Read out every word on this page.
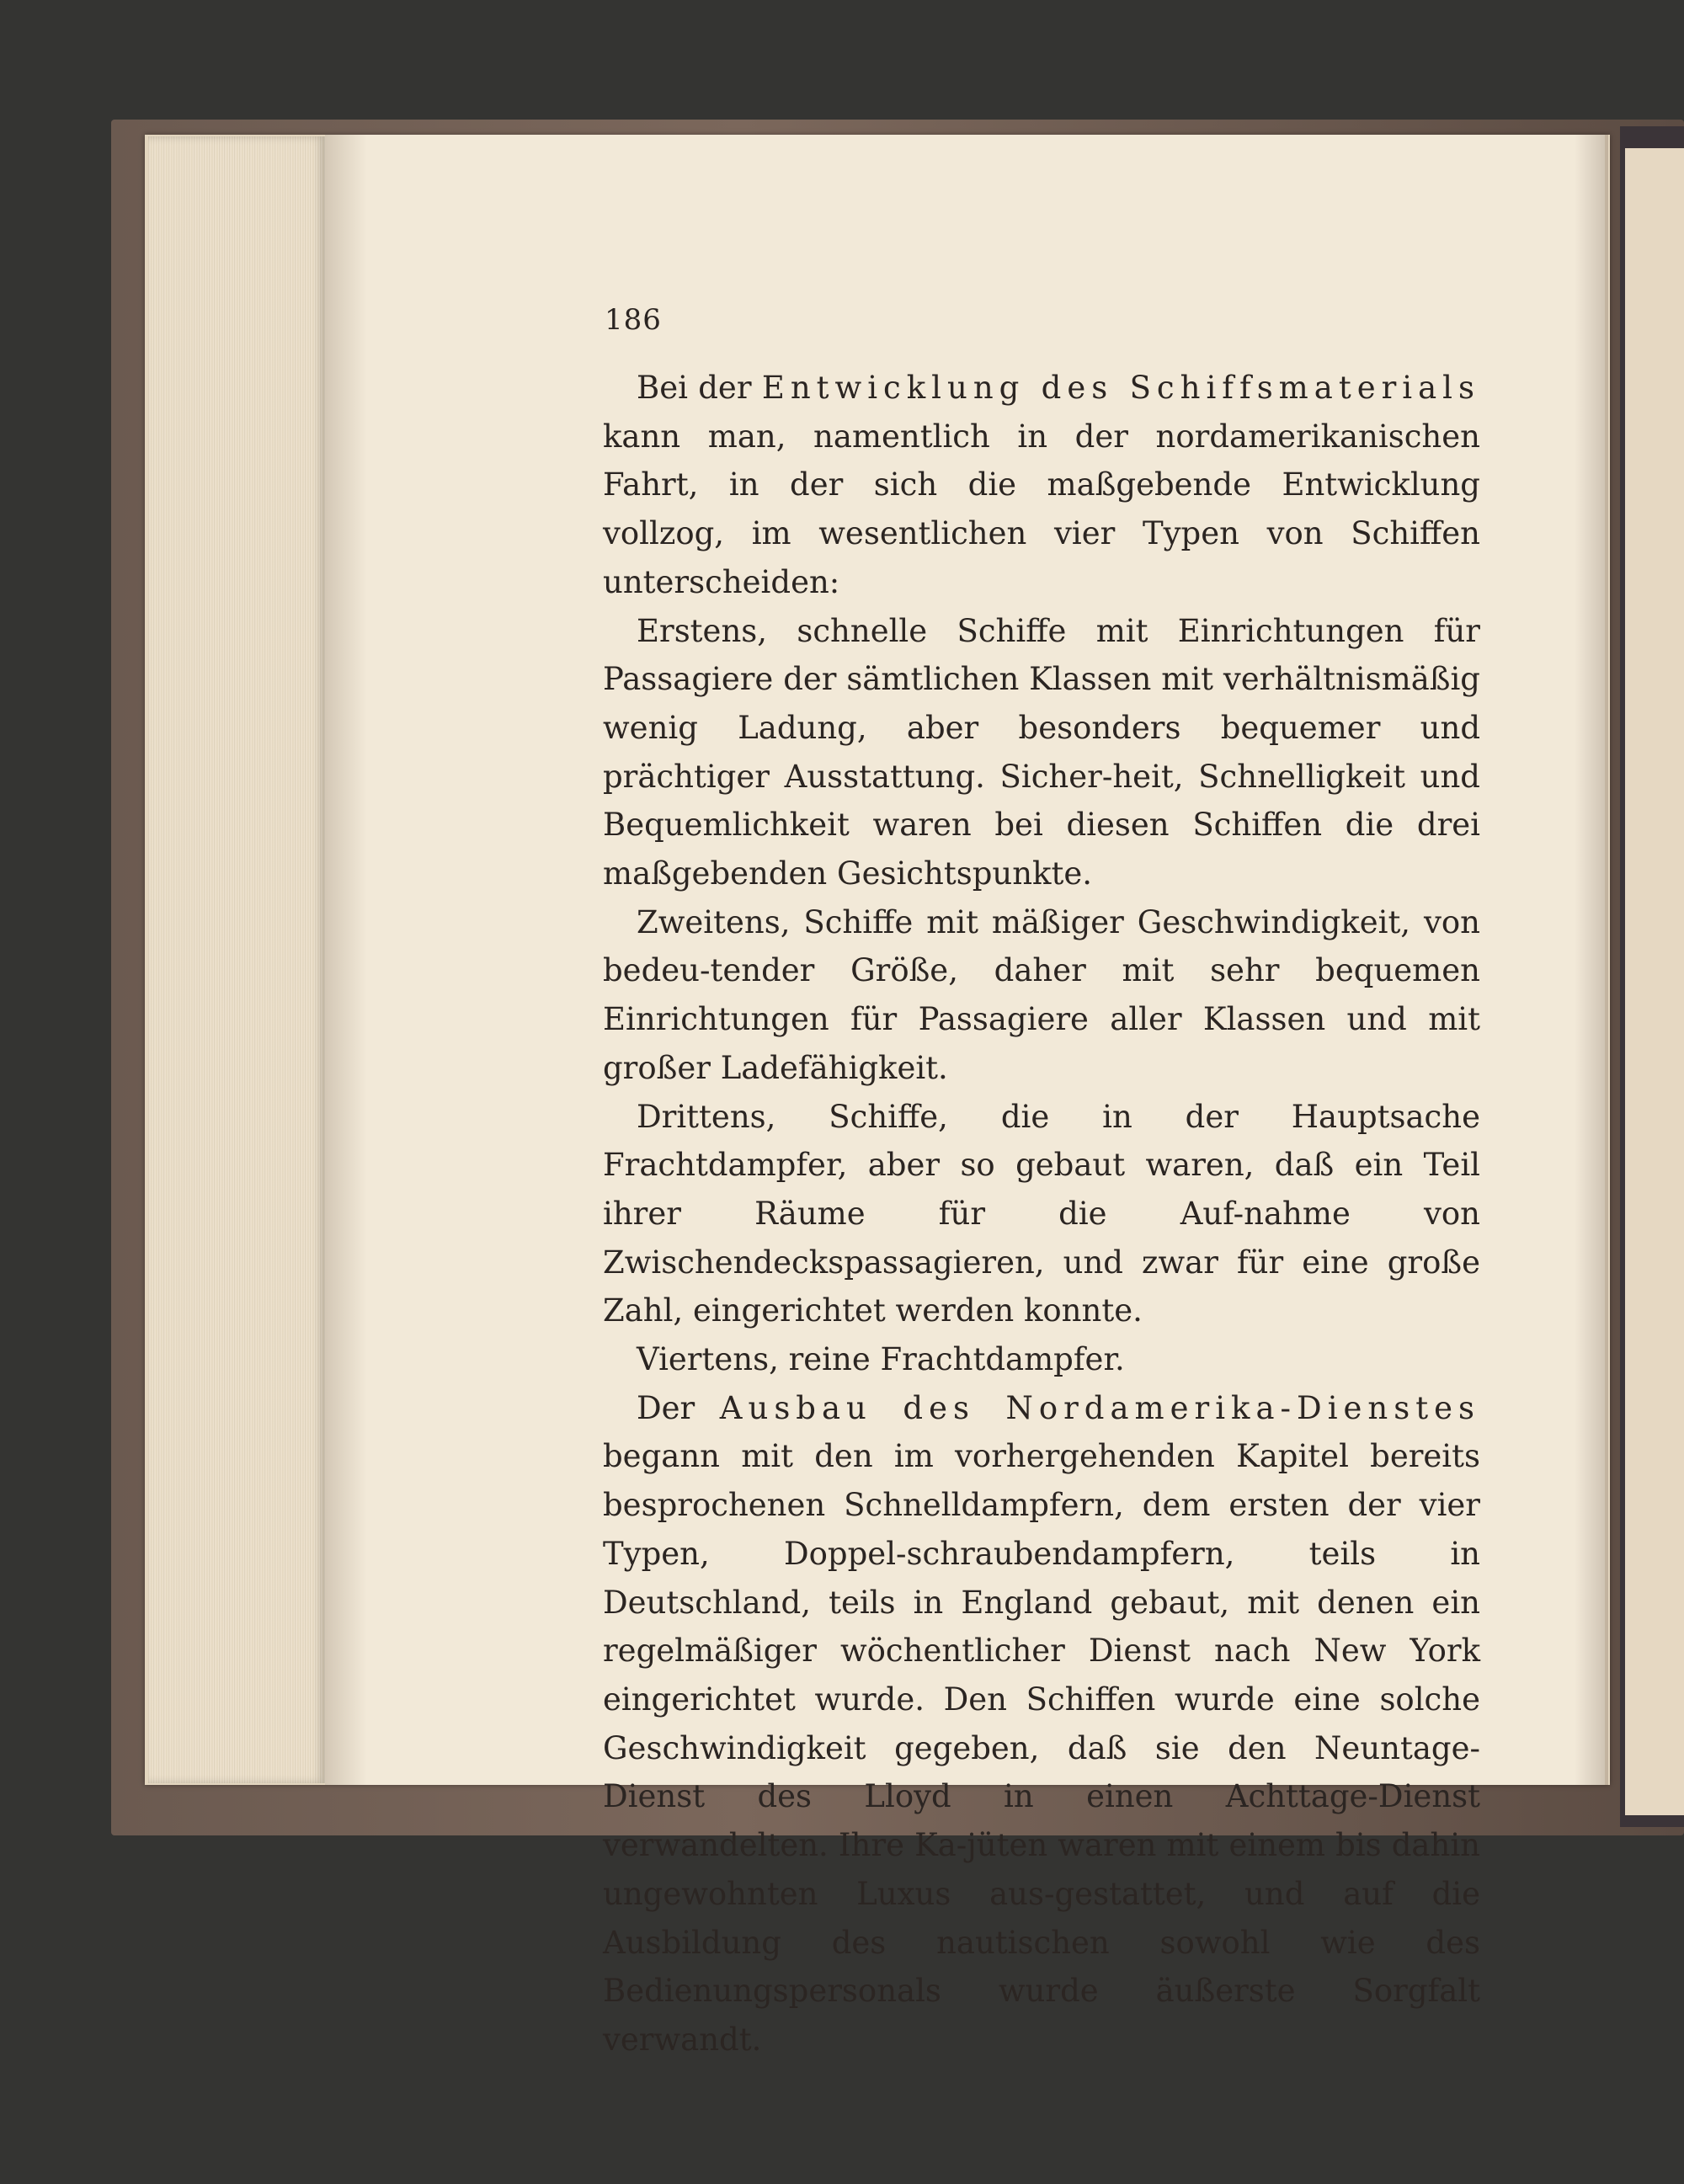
186

Bei der Entwicklung des Schiffsmaterials kann man, namentlich in der nordamerikanischen Fahrt, in der sich die maßgebende Entwicklung vollzog, im wesentlichen vier Typen von Schiffen unterscheiden:

Erstens, schnelle Schiffe mit Einrichtungen für Passagiere der sämtlichen Klassen mit verhältnismäßig wenig Ladung, aber besonders bequemer und prächtiger Ausstattung. Sicher-heit, Schnelligkeit und Bequemlichkeit waren bei diesen Schiffen die drei maßgebenden Gesichtspunkte.

Zweitens, Schiffe mit mäßiger Geschwindigkeit, von bedeu-tender Größe, daher mit sehr bequemen Einrichtungen für Passagiere aller Klassen und mit großer Ladefähigkeit.

Drittens, Schiffe, die in der Hauptsache Frachtdampfer, aber so gebaut waren, daß ein Teil ihrer Räume für die Auf-nahme von Zwischendeckspassagieren, und zwar für eine große Zahl, eingerichtet werden konnte.

Viertens, reine Frachtdampfer.

Der Ausbau des Nordamerika-Dienstes begann mit den im vorhergehenden Kapitel bereits besprochenen Schnelldampfern, dem ersten der vier Typen, Doppel-schraubendampfern, teils in Deutschland, teils in England gebaut, mit denen ein regelmäßiger wöchentlicher Dienst nach New York eingerichtet wurde. Den Schiffen wurde eine solche Geschwindigkeit gegeben, daß sie den Neuntage-Dienst des Lloyd in einen Achttage-Dienst verwandelten. Ihre Ka-jüten waren mit einem bis dahin ungewohnten Luxus aus-gestattet, und auf die Ausbildung des nautischen sowohl wie des Bedienungspersonals wurde äußerste Sorgfalt verwandt.
